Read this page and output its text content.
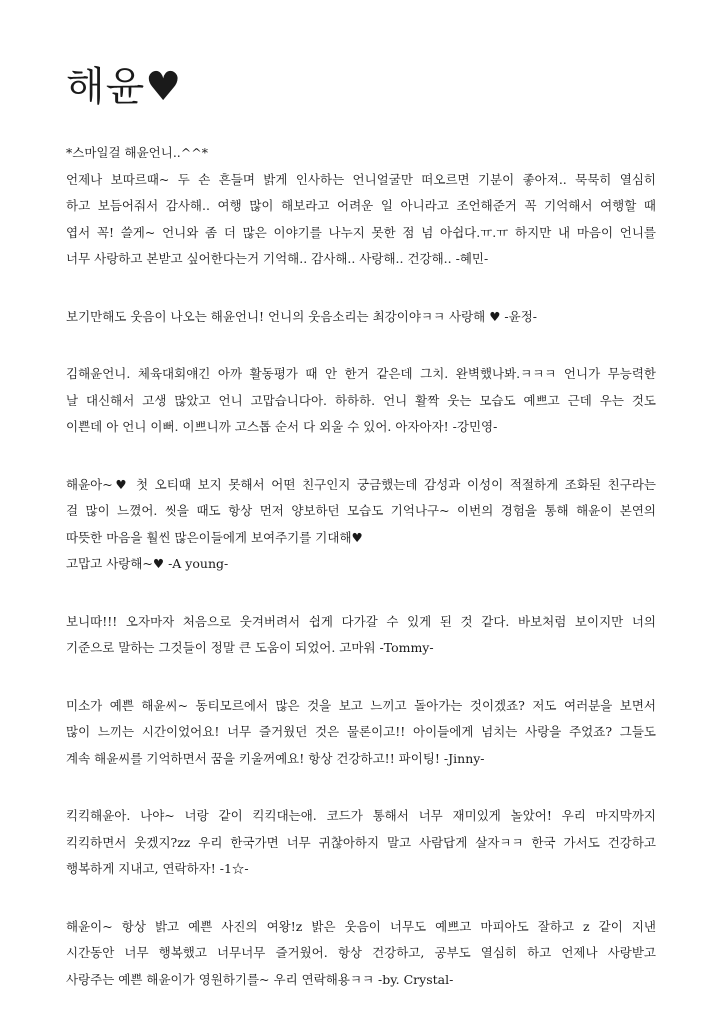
해윤♥
*스마일걸 해윤언니..^^*
언제나 보따르때~ 두 손 흔들며 밝게 인사하는 언니얼굴만 떠오르면 기분이 좋아져.. 묵묵히 열심히
하고 보듬어줘서 감사해.. 여행 많이 해보라고 어려운 일 아니라고 조언해준거 꼭 기억해서 여행할 때
엽서 꼭! 쓸게~ 언니와 좀 더 많은 이야기를 나누지 못한 점 넘 아쉽다.ㅠ.ㅠ 하지만 내 마음이 언니를
너무 사랑하고 본받고 싶어한다는거 기억해.. 감사해.. 사랑해.. 건강해.. -혜민-
보기만해도 웃음이 나오는 해윤언니! 언니의 웃음소리는 최강이야ㅋㅋ 사랑해 ♥ -윤정-
김해윤언니. 체육대회얘긴 아까 활동평가 때 안 한거 같은데 그치. 완벽했나봐.ㅋㅋㅋ 언니가 무능력한
날 대신해서 고생 많았고 언니 고맙습니다아. 하하하. 언니 활짝 웃는 모습도 예쁘고 근데 우는 것도
이쁜데 아 언니 이뻐. 이쁘니까 고스톱 순서 다 외울 수 있어. 아자아자! -강민영-
해윤아~♥ 첫 오티때 보지 못해서 어떤 친구인지 궁금했는데 감성과 이성이 적절하게 조화된 친구라는
걸 많이 느꼈어. 씻을 때도 항상 먼저 양보하던 모습도 기억나구~ 이번의 경험을 통해 해윤이 본연의
따뜻한 마음을 훨씬 많은이들에게 보여주기를 기대해♥
고맙고 사랑해~♥ -A young-
보니따!!! 오자마자 처음으로 웃겨버려서 쉽게 다가갈 수 있게 된 것 같다. 바보처럼 보이지만 너의
기준으로 말하는 그것들이 정말 큰 도움이 되었어. 고마워 -Tommy-
미소가 예쁜 해윤씨~ 동티모르에서 많은 것을 보고 느끼고 돌아가는 것이겠죠? 저도 여러분을 보면서
많이 느끼는 시간이었어요! 너무 즐거웠던 것은 물론이고!! 아이들에게 넘치는 사랑을 주었죠? 그들도
계속 해윤씨를 기억하면서 꿈을 키울꺼예요! 항상 건강하고!! 파이팅! -Jinny-
킥킥해윤아. 나야~ 너랑 같이 킥킥대는애. 코드가 통해서 너무 재미있게 놀았어! 우리 마지막까지
킥킥하면서 웃겠지?zz 우리 한국가면 너무 귀찮아하지 말고 사람답게 살자ㅋㅋ 한국 가서도 건강하고
행복하게 지내고, 연락하자! -1☆-
해윤이~ 항상 밝고 예쁜 사진의 여왕!z 밝은 웃음이 너무도 예쁘고 마피아도 잘하고 z 같이 지낸
시간동안 너무 행복했고 너무너무 즐거웠어. 항상 건강하고, 공부도 열심히 하고 언제나 사랑받고
사랑주는 예쁜 해윤이가 영원하기를~ 우리 연락해용ㅋㅋ -by. Crystal-
